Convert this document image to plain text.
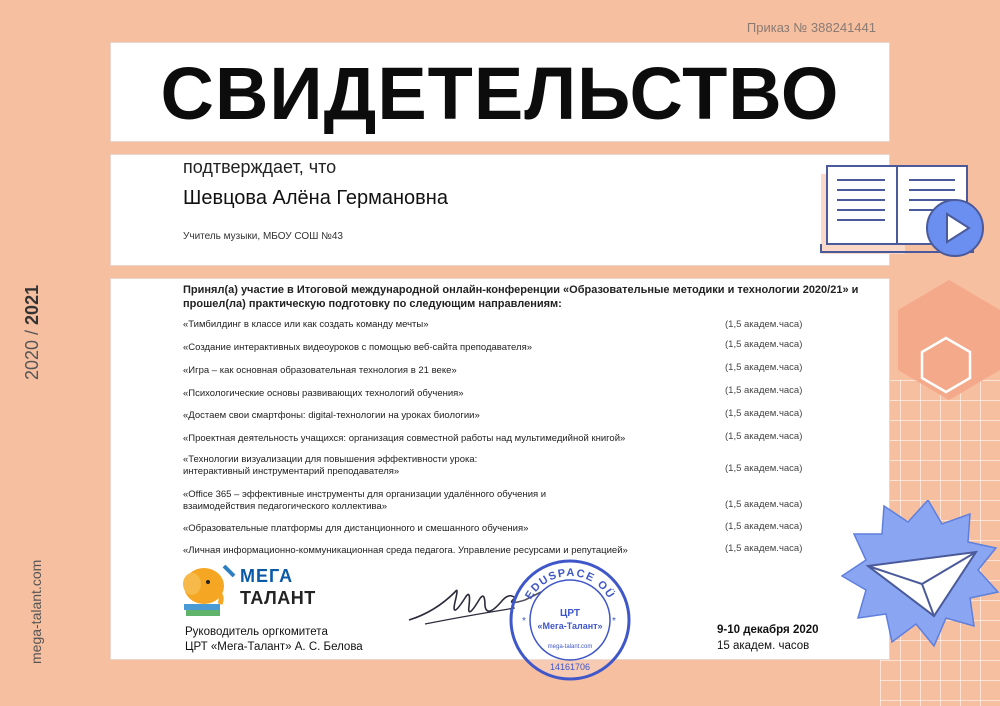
Приказ № 388241441
СВИДЕТЕЛЬСТВО
2020 / 2021
mega-talant.com
подтверждает, что
Шевцова Алёна Германовна
Учитель музыки, МБОУ СОШ №43
Принял(а) участие в Итоговой международной онлайн-конференции «Образовательные методики и технологии 2020/21» и прошел(ла) практическую подготовку по следующим направлениям:
«Тимбилдинг в классе или как создать команду мечты»	(1,5 академ.часа)
«Создание интерактивных видеоуроков с помощью веб-сайта преподавателя»	(1,5 академ.часа)
«Игра – как основная образовательная технология в 21 веке»	(1,5 академ.часа)
«Психологические основы развивающих технологий обучения»	(1,5 академ.часа)
«Достаем свои смартфоны: digital-технологии на уроках биологии»	(1,5 академ.часа)
«Проектная деятельность учащихся: организация совместной работы над мультимедийной книгой»	(1,5 академ.часа)
«Технологии визуализации для повышения эффективности урока: интерактивный инструментарий преподавателя»	(1,5 академ.часа)
«Office 365 – эффективные инструменты для организации удалённого обучения и взаимодействия педагогического коллектива»	(1,5 академ.часа)
«Образовательные платформы для дистанционного и смешанного обучения»	(1,5 академ.часа)
«Личная информационно-коммуникационная среда педагога. Управление ресурсами и репутацией»	(1,5 академ.часа)
МЕГА
ТАЛАНТ
Руководитель оргкомитета
ЦРТ «Мега-Талант» А. С. Белова
EDUSPACE OÜ
ЦРТ
«Мега-Талант»
mega-talant.com
14161706
*	*
9-10 декабря 2020
15 академ. часов
